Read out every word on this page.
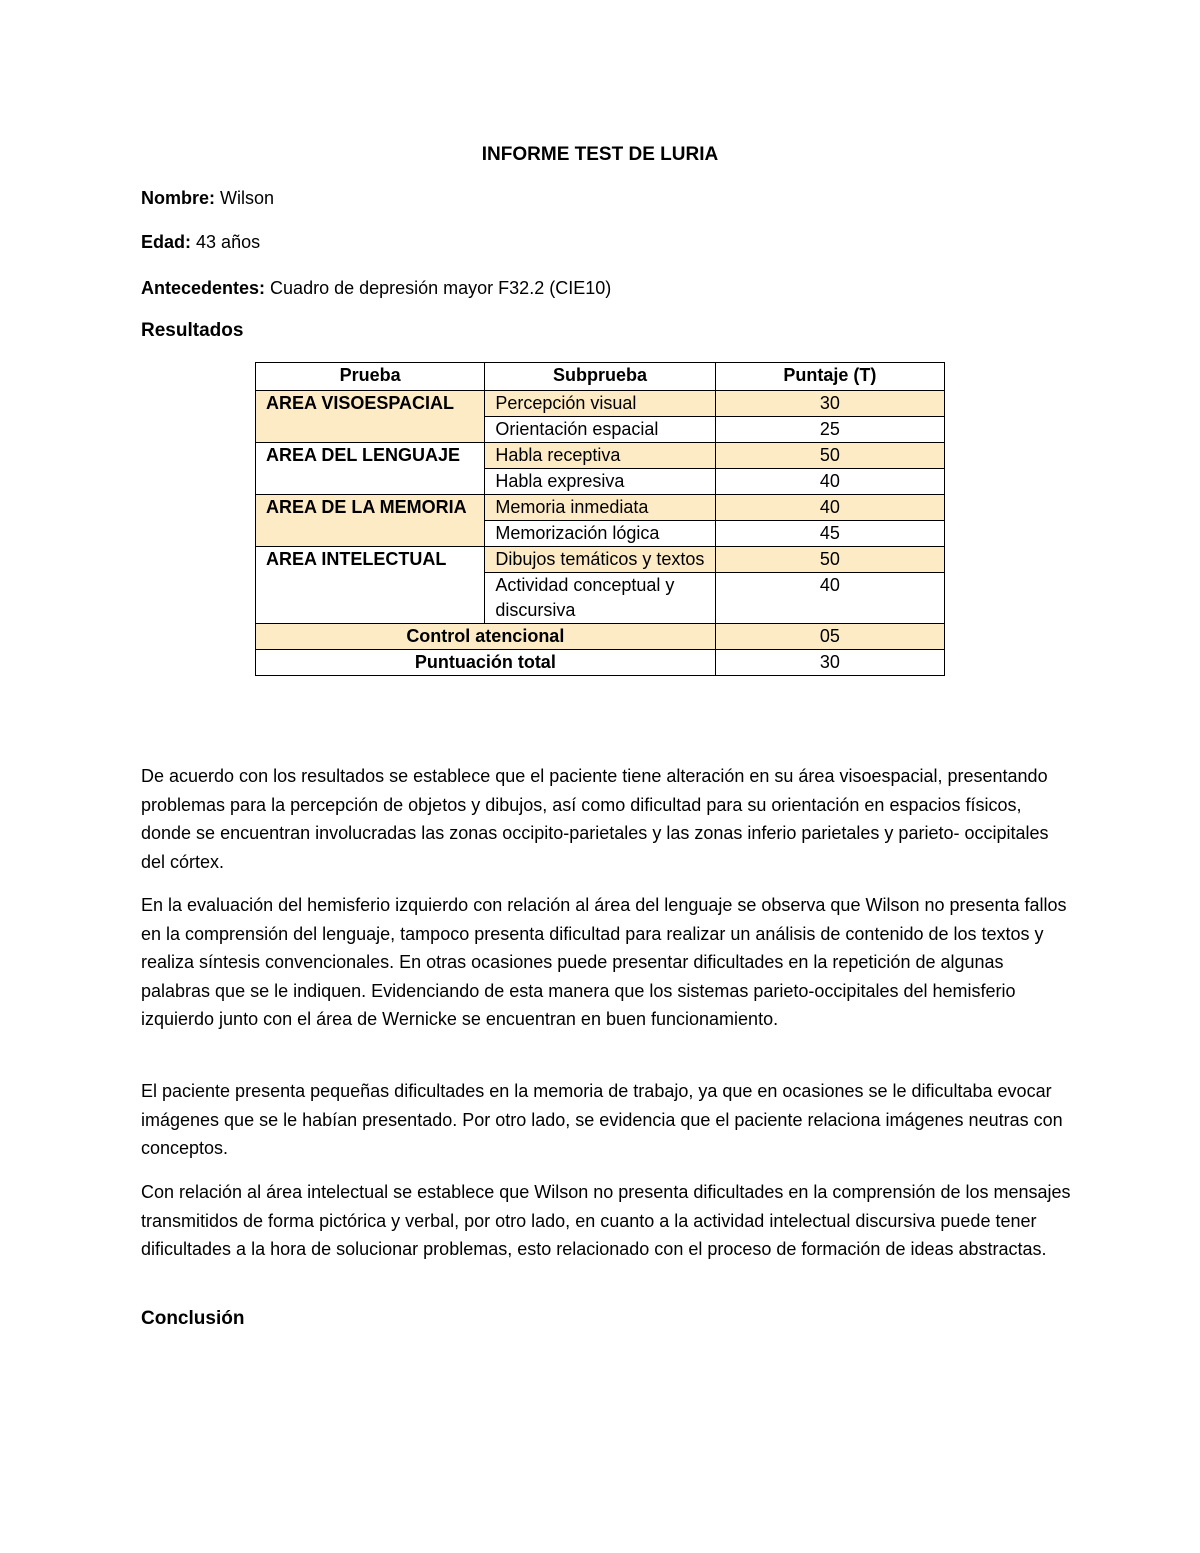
INFORME TEST DE LURIA
Nombre: Wilson
Edad: 43 años
Antecedentes: Cuadro de depresión mayor F32.2 (CIE10)
Resultados
Prueba	Subprueba	Puntaje (T)
AREA VISOESPACIAL	Percepción visual	30
	Orientación espacial	25
AREA DEL LENGUAJE	Habla receptiva	50
	Habla expresiva	40
AREA DE LA MEMORIA	Memoria inmediata	40
	Memorización lógica	45
AREA INTELECTUAL	Dibujos temáticos y textos	50
	Actividad conceptual y discursiva	40
Control atencional		05
Puntuación total		30

De acuerdo con los resultados se establece que el paciente tiene alteración en su área visoespacial, presentando problemas para la percepción de objetos y dibujos, así como dificultad para su orientación en espacios físicos, donde se encuentran involucradas las zonas occipito-parietales y las zonas inferio parietales y parieto- occipitales del córtex.

En la evaluación del hemisferio izquierdo con relación al área del lenguaje se observa que Wilson no presenta fallos en la comprensión del lenguaje, tampoco presenta dificultad para realizar un análisis de contenido de los textos y realiza síntesis convencionales. En otras ocasiones puede presentar dificultades en la repetición de algunas palabras que se le indiquen. Evidenciando de esta manera que los sistemas parieto-occipitales del hemisferio izquierdo junto con el área de Wernicke se encuentran en buen funcionamiento.

El paciente presenta pequeñas dificultades en la memoria de trabajo, ya que en ocasiones se le dificultaba evocar imágenes que se le habían presentado. Por otro lado, se evidencia que el paciente relaciona imágenes neutras con conceptos.

Con relación al área intelectual se establece que Wilson no presenta dificultades en la comprensión de los mensajes transmitidos de forma pictórica y verbal, por otro lado, en cuanto a la actividad intelectual discursiva puede tener dificultades a la hora de solucionar problemas, esto relacionado con el proceso de formación de ideas abstractas.

Conclusión
